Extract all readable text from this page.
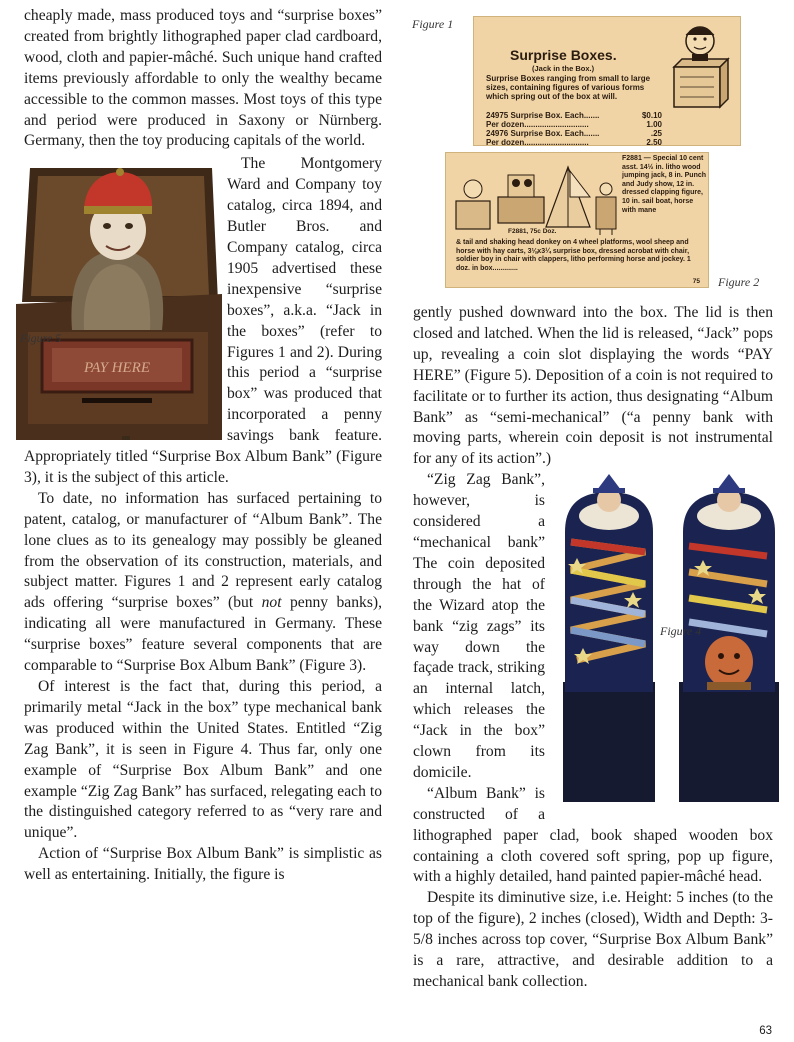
cheaply made, mass produced toys and “surprise boxes” created from brightly lithographed paper clad cardboard, wood, cloth and papier-mâché. Such unique hand crafted items previously affordable to only the wealthy became accessible to the common masses. Most toys of this type and period were produced in Saxony or Nürnberg. Germany, then the toy producing capitals of the world.

PAY HERE
The Montgomery Ward and Company toy catalog, circa 1894, and Butler Bros. and Company catalog, circa 1905 advertised these inexpensive “surprise boxes”, a.k.a. “Jack in the boxes” (refer to Figures 1 and 2). During this period a “surprise box” was produced that incorporated a penny savings bank feature. Appropriately titled “Surprise Box Album Bank” (Figure 3), it is the subject of this article.

To date, no information has surfaced pertaining to patent, catalog, or manufacturer of “Album Bank”. The lone clues as to its genealogy may possibly be gleaned from the observation of its construction, materials, and subject matter. Figures 1 and 2 represent early catalog ads offering “surprise boxes” (but not penny banks), indicating all were manufactured in Germany. These “surprise boxes” feature several components that are comparable to “Surprise Box Album Bank” (Figure 3).

Of interest is the fact that, during this period, a primarily metal “Jack in the box” type mechanical bank was produced within the United States. Entitled “Zig Zag Bank”, it is seen in Figure 4. Thus far, only one example of “Surprise Box Album Bank” and one example “Zig Zag Bank” has surfaced, relegating each to the distinguished category referred to as “very rare and unique”.

Action of “Surprise Box Album Bank” is simplistic as well as entertaining. Initially, the figure is

Figure 5
Figure 1
Surprise Boxes.
(Jack in the Box.)
Surprise Boxes ranging from small to large sizes, containing figures of various forms which spring out of the box at will.
24975 Surprise Box. Each.......	$0.10
Per dozen.............................	1.00
24976 Surprise Box. Each.......	.25
Per dozen.............................	2.50
F2881, 75c Doz.
F2881 — Special 10 cent asst. 14½ in. litho wood jumping jack, 8 in. Punch and Judy show, 12 in. dressed clapping figure, 10 in. sail boat, horse with mane
& tail and shaking head donkey on 4 wheel platforms, wool sheep and horse with hay carts, 3⅛x3¼ surprise box, dressed acrobat with chair, soldier boy in chair with clappers, litho performing horse and jockey. 1 doz. in box.............
75 Figure 2

gently pushed downward into the box. The lid is then closed and latched. When the lid is released, “Jack” pops up, revealing a coin slot displaying the words “PAY HERE” (Figure 5). Deposition of a coin is not required to facilitate or to further its action, thus designating “Album Bank” as “semi-mechanical” (“a penny bank with moving parts, wherein coin deposit is not instrumental for any of its action”.)

“Zig Zag Bank”, however, is considered a “mechanical bank” The coin deposited through the hat of the Wizard atop the bank “zig zags” its way down the façade track, striking an internal latch, which releases the “Jack in the box” clown from its domicile.

“Album Bank” is constructed of a lithographed paper clad, book shaped wooden box containing a cloth covered soft spring, pop up figure, with a highly detailed, hand painted papier-mâché head.

Despite its diminutive size, i.e. Height: 5 inches (to the top of the figure), 2 inches (closed), Width and Depth: 3-5/8 inches across top cover, “Surprise Box Album Bank” is a rare, attractive, and desirable addition to a mechanical bank collection.

Figure 4
63
